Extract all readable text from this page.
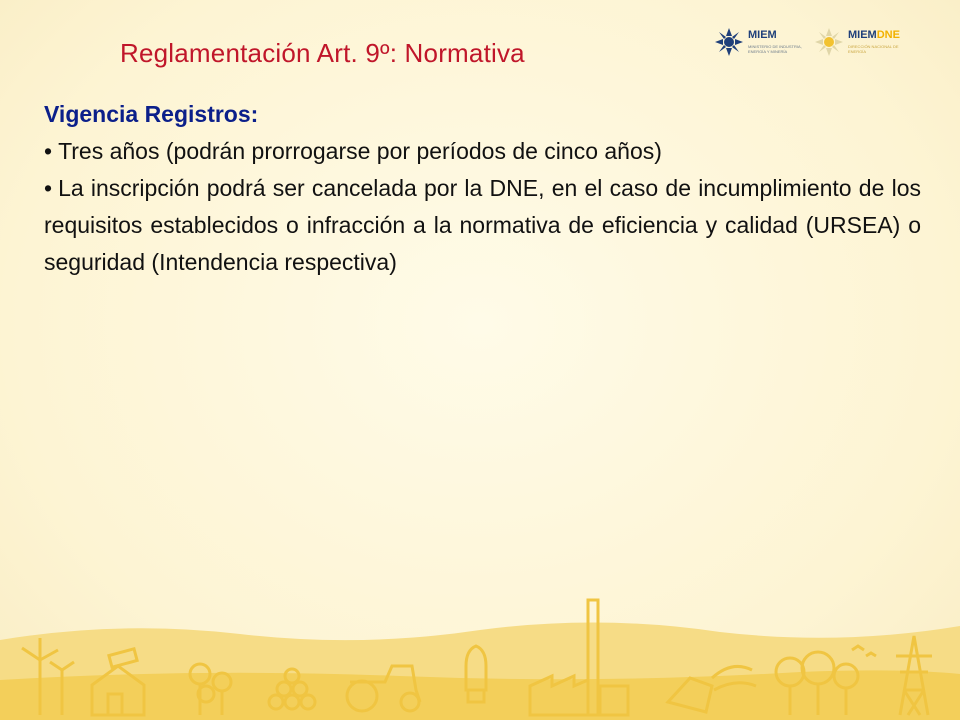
Reglamentación Art. 9º: Normativa
MIEM
MINISTERIO DE INDUSTRIA, ENERGÍA Y MINERÍA
MIEMDNE
DIRECCIÓN NACIONAL DE ENERGÍA
Vigencia Registros:
• Tres años (podrán prorrogarse por períodos de cinco años)
• La inscripción podrá ser cancelada por la DNE, en el caso de incumplimiento de los requisitos establecidos o infracción a la normativa de eficiencia y calidad (URSEA) o seguridad (Intendencia respectiva)
